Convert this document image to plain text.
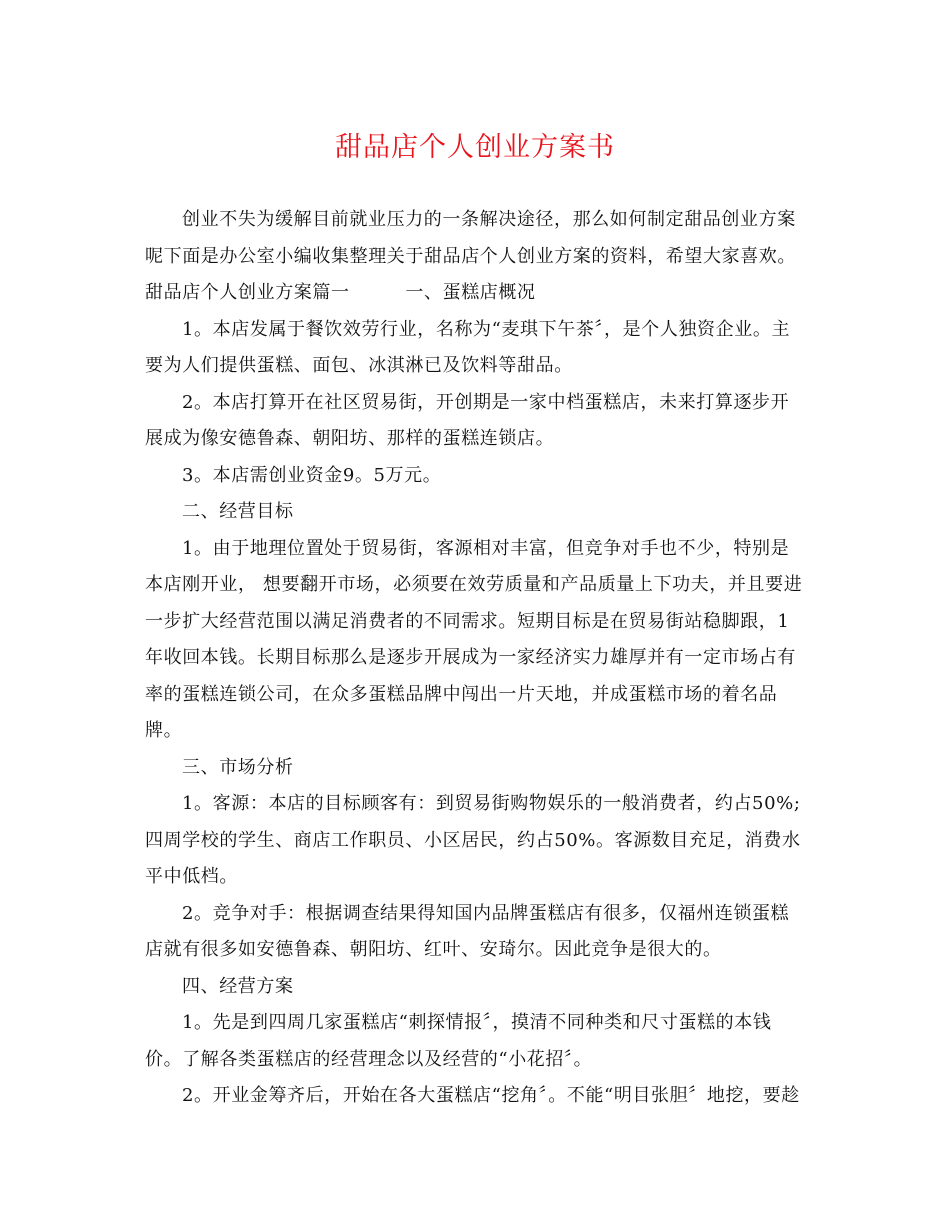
甜品店个人创业方案书
创业不失为缓解目前就业压力的一条解决途径，那么如何制定甜品创业方案
呢下面是办公室小编收集整理关于甜品店个人创业方案的资料，希望大家喜欢。
甜品店个人创业方案篇一　　　一、蛋糕店概况
1。本店发属于餐饮效劳行业，名称为“麦琪下午茶〞，是个人独资企业。主
要为人们提供蛋糕、面包、冰淇淋已及饮料等甜品。
2。本店打算开在社区贸易街，开创期是一家中档蛋糕店，未来打算逐步开
展成为像安德鲁森、朝阳坊、那样的蛋糕连锁店。
3。本店需创业资金9。5万元。
二、经营目标
1。由于地理位置处于贸易街，客源相对丰富，但竞争对手也不少，特别是
本店刚开业， 想要翻开市场，必须要在效劳质量和产品质量上下功夫，并且要进
一步扩大经营范围以满足消费者的不同需求。短期目标是在贸易街站稳脚跟，1
年收回本钱。长期目标那么是逐步开展成为一家经济实力雄厚并有一定市场占有
率的蛋糕连锁公司，在众多蛋糕品牌中闯出一片天地，并成蛋糕市场的着名品
牌。
三、市场分析
1。客源：本店的目标顾客有：到贸易街购物娱乐的一般消费者，约占50%;
四周学校的学生、商店工作职员、小区居民，约占50%。客源数目充足，消费水
平中低档。
2。竞争对手：根据调查结果得知国内品牌蛋糕店有很多，仅福州连锁蛋糕
店就有很多如安德鲁森、朝阳坊、红叶、安琦尔。因此竞争是很大的。
四、经营方案
1。先是到四周几家蛋糕店“刺探情报〞，摸清不同种类和尺寸蛋糕的本钱
价。了解各类蛋糕店的经营理念以及经营的“小花招〞。
2。开业金筹齐后，开始在各大蛋糕店“挖角〞。不能“明目张胆〞地挖，要趁
